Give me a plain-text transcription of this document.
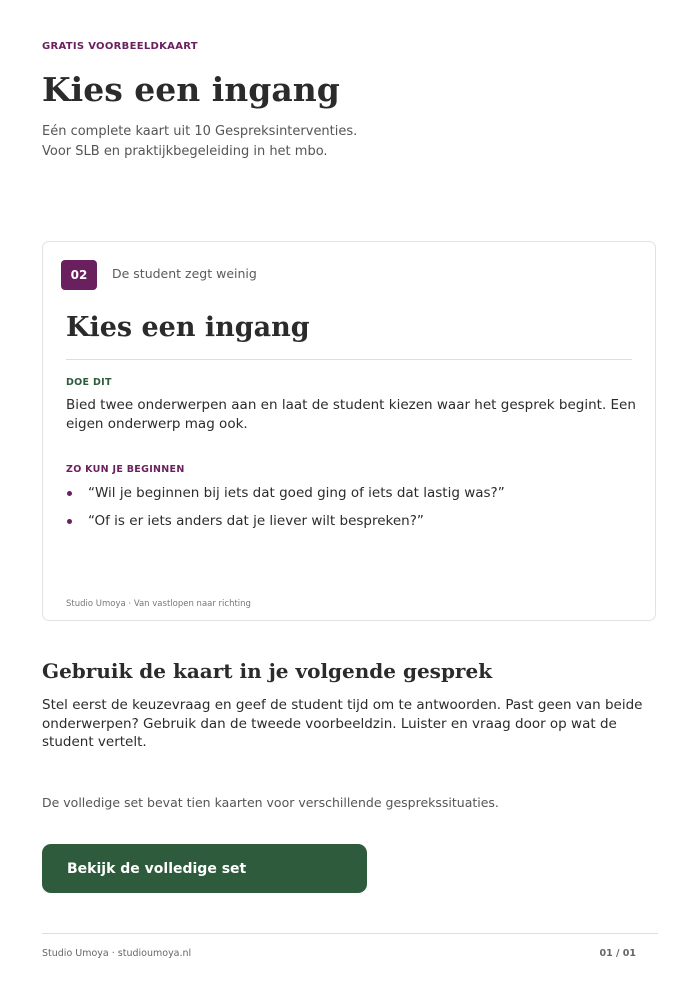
GRATIS VOORBEELDKAART
Kies een ingang
Eén complete kaart uit 10 Gespreksinterventies.
Voor SLB en praktijkbegeleiding in het mbo.
02	De student zegt weinig
Kies een ingang
DOE DIT
Bied twee onderwerpen aan en laat de student kiezen waar het gesprek begint. Een eigen onderwerp mag ook.
ZO KUN JE BEGINNEN
“Wil je beginnen bij iets dat goed ging of iets dat lastig was?”
“Of is er iets anders dat je liever wilt bespreken?”
Studio Umoya · Van vastlopen naar richting
Gebruik de kaart in je volgende gesprek
Stel eerst de keuzevraag en geef de student tijd om te antwoorden. Past geen van beide onderwerpen? Gebruik dan de tweede voorbeeldzin. Luister en vraag door op wat de student vertelt.
De volledige set bevat tien kaarten voor verschillende gesprekssituaties.
Bekijk de volledige set
Studio Umoya · studioumoya.nl	01 / 01
